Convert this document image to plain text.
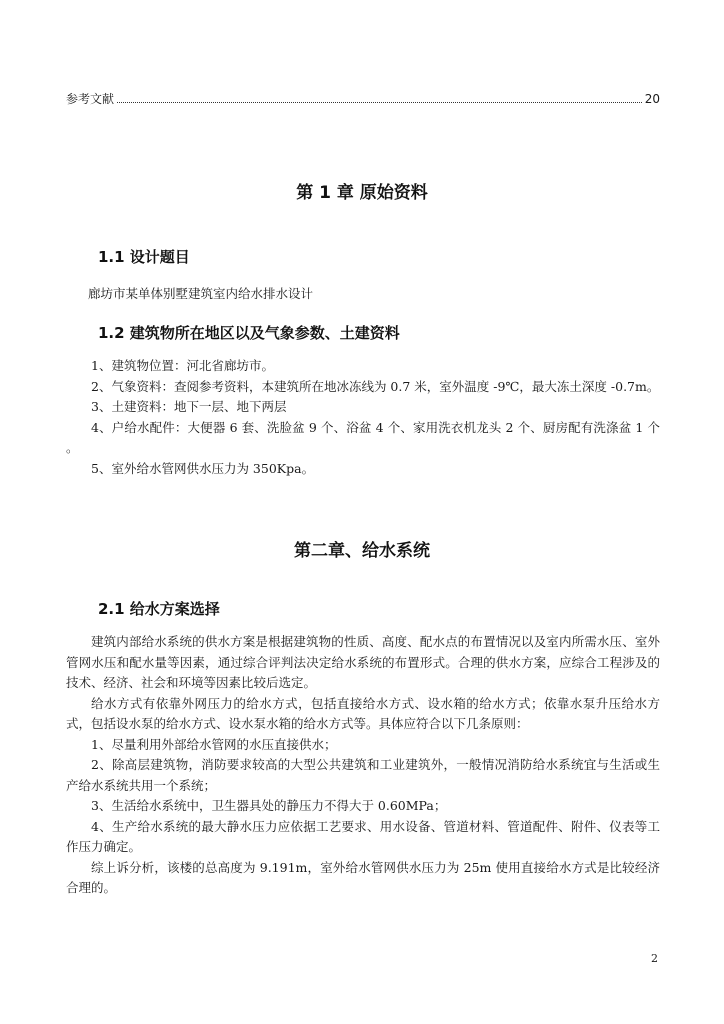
参考文献	20
第 1 章 原始资料
1.1 设计题目

廊坊市某单体别墅建筑室内给水排水设计

1.2 建筑物所在地区以及气象参数、土建资料

1、建筑物位置：河北省廊坊市。

2、气象资料：查阅参考资料，本建筑所在地冰冻线为 0.7 米，室外温度 -9℃，最大冻土深度 -0.7m。

3、土建资料：地下一层、地下两层

4、户给水配件：大便器 6 套、洗脸盆 9 个、浴盆 4 个、家用洗衣机龙头 2 个、厨房配有洗涤盆 1 个 。

5、室外给水管网供水压力为 350Kpa。

第二章、给水系统
2.1 给水方案选择

建筑内部给水系统的供水方案是根据建筑物的性质、高度、配水点的布置情况以及室内所需水压、室外管网水压和配水量等因素，通过综合评判法决定给水系统的布置形式。合理的供水方案，应综合工程涉及的技术、经济、社会和环境等因素比较后选定。

给水方式有依靠外网压力的给水方式，包括直接给水方式、设水箱的给水方式；依靠水泵升压给水方式，包括设水泵的给水方式、设水泵水箱的给水方式等。具体应符合以下几条原则：

1、尽量利用外部给水管网的水压直接供水；

2、除高层建筑物，消防要求较高的大型公共建筑和工业建筑外，一般情况消防给水系统宜与生活或生产给水系统共用一个系统；

3、生活给水系统中，卫生器具处的静压力不得大于 0.60MPa；

4、生产给水系统的最大静水压力应依据工艺要求、用水设备、管道材料、管道配件、附件、仪表等工作压力确定。

综上诉分析，该楼的总高度为 9.191m，室外给水管网供水压力为 25m 使用直接给水方式是比较经济合理的。

2
